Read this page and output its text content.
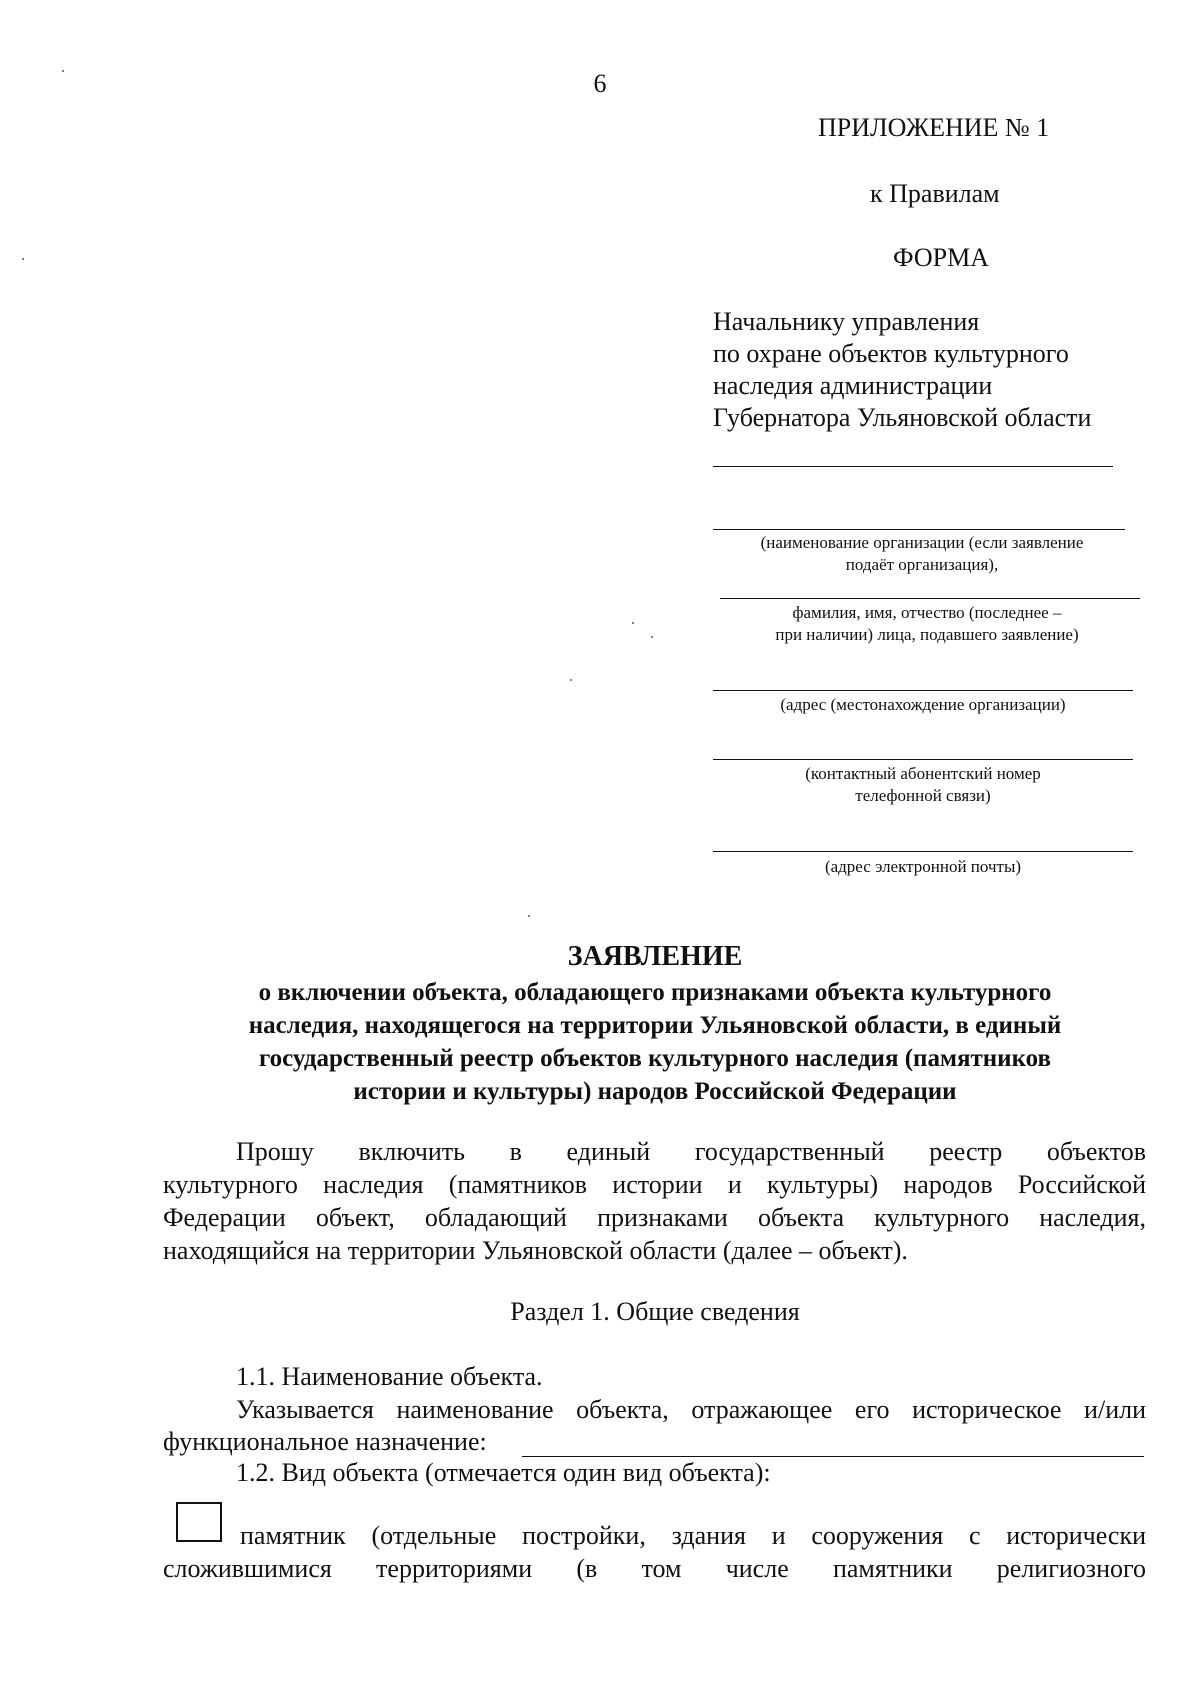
6
ПРИЛОЖЕНИЕ № 1
к Правилам
ФОРМА
Начальнику управления
по охране объектов культурного
наследия администрации
Губернатора Ульяновской области
(наименование организации (если заявление
подаёт организация),
фамилия, имя, отчество (последнее –
при наличии) лица, подавшего заявление)
(адрес (местонахождение организации)
(контактный абонентский номер
телефонной связи)
(адрес электронной почты)
ЗАЯВЛЕНИЕ
о включении объекта, обладающего признаками объекта культурного
наследия, находящегося на территории Ульяновской области, в единый
государственный реестр объектов культурного наследия (памятников
истории и культуры) народов Российской Федерации
Прошу включить в единый государственный реестр объектов
культурного наследия (памятников истории и культуры) народов Российской
Федерации объект, обладающий признаками объекта культурного наследия,
находящийся на территории Ульяновской области (далее – объект).
Раздел 1. Общие сведения
1.1. Наименование объекта.
Указывается наименование объекта, отражающее его историческое и/или
функциональное назначение:
1.2. Вид объекта (отмечается один вид объекта):
памятник (отдельные постройки, здания и сооружения с исторически
сложившимися территориями (в том числе памятники религиозного
